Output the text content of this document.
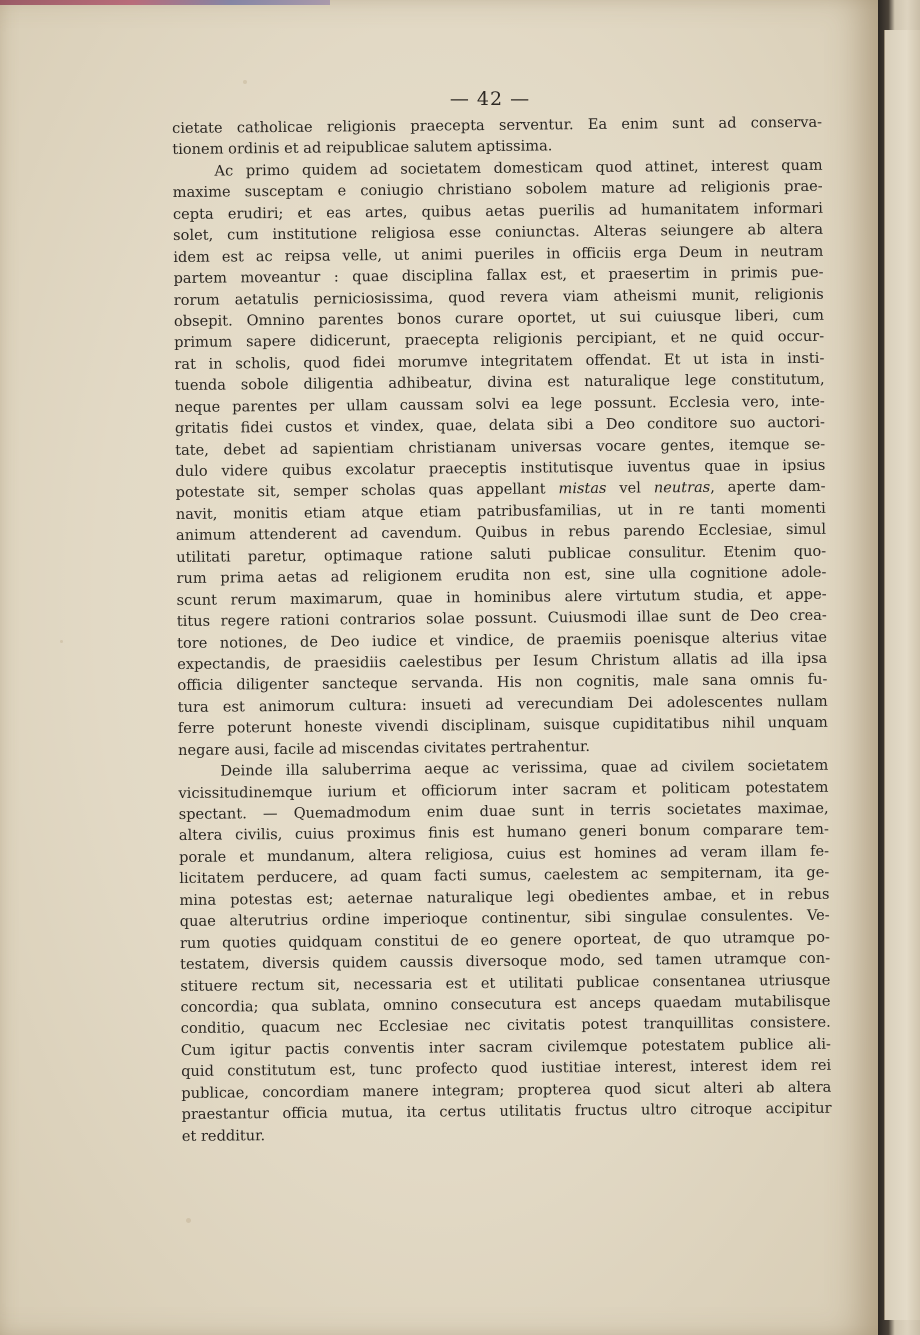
— 42 —
cietate catholicae religionis praecepta serventur. Ea enim sunt ad conserva-
tionem ordinis et ad reipublicae salutem aptissima.
Ac primo quidem ad societatem domesticam quod attinet, interest quam
maxime susceptam e coniugio christiano sobolem mature ad religionis prae-
cepta erudiri; et eas artes, quibus aetas puerilis ad humanitatem informari
solet, cum institutione religiosa esse coniunctas. Alteras seiungere ab altera
idem est ac reipsa velle, ut animi pueriles in officiis erga Deum in neutram
partem moveantur : quae disciplina fallax est, et praesertim in primis pue-
rorum aetatulis perniciosissima, quod revera viam atheismi munit, religionis
obsepit. Omnino parentes bonos curare oportet, ut sui cuiusque liberi, cum
primum sapere didicerunt, praecepta religionis percipiant, et ne quid occur-
rat in scholis, quod fidei morumve integritatem offendat. Et ut ista in insti-
tuenda sobole diligentia adhibeatur, divina est naturalique lege constitutum,
neque parentes per ullam caussam solvi ea lege possunt. Ecclesia vero, inte-
gritatis fidei custos et vindex, quae, delata sibi a Deo conditore suo auctori-
tate, debet ad sapientiam christianam universas vocare gentes, itemque se-
dulo videre quibus excolatur praeceptis institutisque iuventus quae in ipsius
potestate sit, semper scholas quas appellant mistas vel neutras, aperte dam-
navit, monitis etiam atque etiam patribusfamilias, ut in re tanti momenti
animum attenderent ad cavendum. Quibus in rebus parendo Ecclesiae, simul
utilitati paretur, optimaque ratione saluti publicae consulitur. Etenim quo-
rum prima aetas ad religionem erudita non est, sine ulla cognitione adole-
scunt rerum maximarum, quae in hominibus alere virtutum studia, et appe-
titus regere rationi contrarios solae possunt. Cuiusmodi illae sunt de Deo crea-
tore notiones, de Deo iudice et vindice, de praemiis poenisque alterius vitae
expectandis, de praesidiis caelestibus per Iesum Christum allatis ad illa ipsa
officia diligenter sancteque servanda. His non cognitis, male sana omnis fu-
tura est animorum cultura: insueti ad verecundiam Dei adolescentes nullam
ferre poterunt honeste vivendi disciplinam, suisque cupiditatibus nihil unquam
negare ausi, facile ad miscendas civitates pertrahentur.
Deinde illa saluberrima aeque ac verissima, quae ad civilem societatem
vicissitudinemque iurium et officiorum inter sacram et politicam potestatem
spectant. — Quemadmodum enim duae sunt in terris societates maximae,
altera civilis, cuius proximus finis est humano generi bonum comparare tem-
porale et mundanum, altera religiosa, cuius est homines ad veram illam fe-
licitatem perducere, ad quam facti sumus, caelestem ac sempiternam, ita ge-
mina potestas est; aeternae naturalique legi obedientes ambae, et in rebus
quae alterutrius ordine imperioque continentur, sibi singulae consulentes. Ve-
rum quoties quidquam constitui de eo genere oporteat, de quo utramque po-
testatem, diversis quidem caussis diversoque modo, sed tamen utramque con-
stituere rectum sit, necessaria est et utilitati publicae consentanea utriusque
concordia; qua sublata, omnino consecutura est anceps quaedam mutabilisque
conditio, quacum nec Ecclesiae nec civitatis potest tranquillitas consistere.
Cum igitur pactis conventis inter sacram civilemque potestatem publice ali-
quid constitutum est, tunc profecto quod iustitiae interest, interest idem rei
publicae, concordiam manere integram; propterea quod sicut alteri ab altera
praestantur officia mutua, ita certus utilitatis fructus ultro citroque accipitur
et redditur.
